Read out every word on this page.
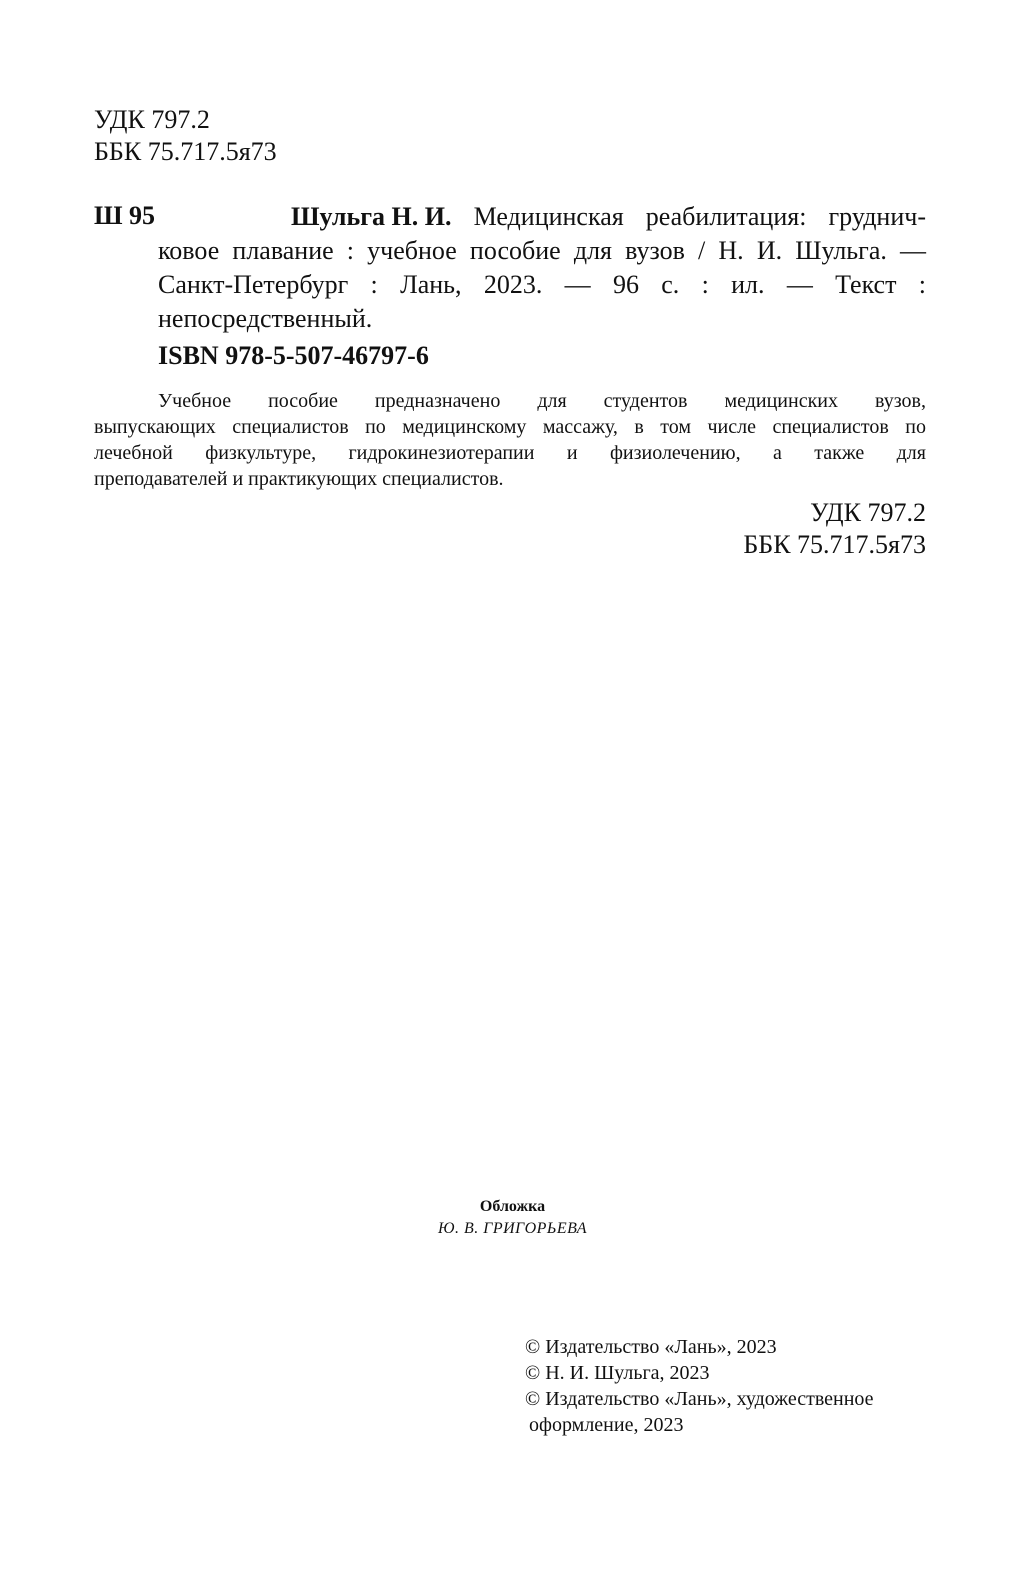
УДК 797.2
ББК 75.717.5я73
Ш 95	Шульга Н. И. Медицинская реабилитация: груднич-
ковое плавание : учебное пособие для вузов / Н. И. Шульга. —
Санкт-Петербург : Лань, 2023. — 96 с. : ил. — Текст :
непосредственный.
ISBN 978-5-507-46797-6
Учебное пособие предназначено для студентов медицинских вузов,
выпускающих специалистов по медицинскому массажу, в том числе специалистов по
лечебной физкультуре, гидрокинезиотерапии и физиолечению, а также для
преподавателей и практикующих специалистов.
УДК 797.2
ББК 75.717.5я73
Обложка
Ю. В. ГРИГОРЬЕВА
© Издательство «Лань», 2023
© Н. И. Шульга, 2023
© Издательство «Лань», художественное
оформление, 2023
